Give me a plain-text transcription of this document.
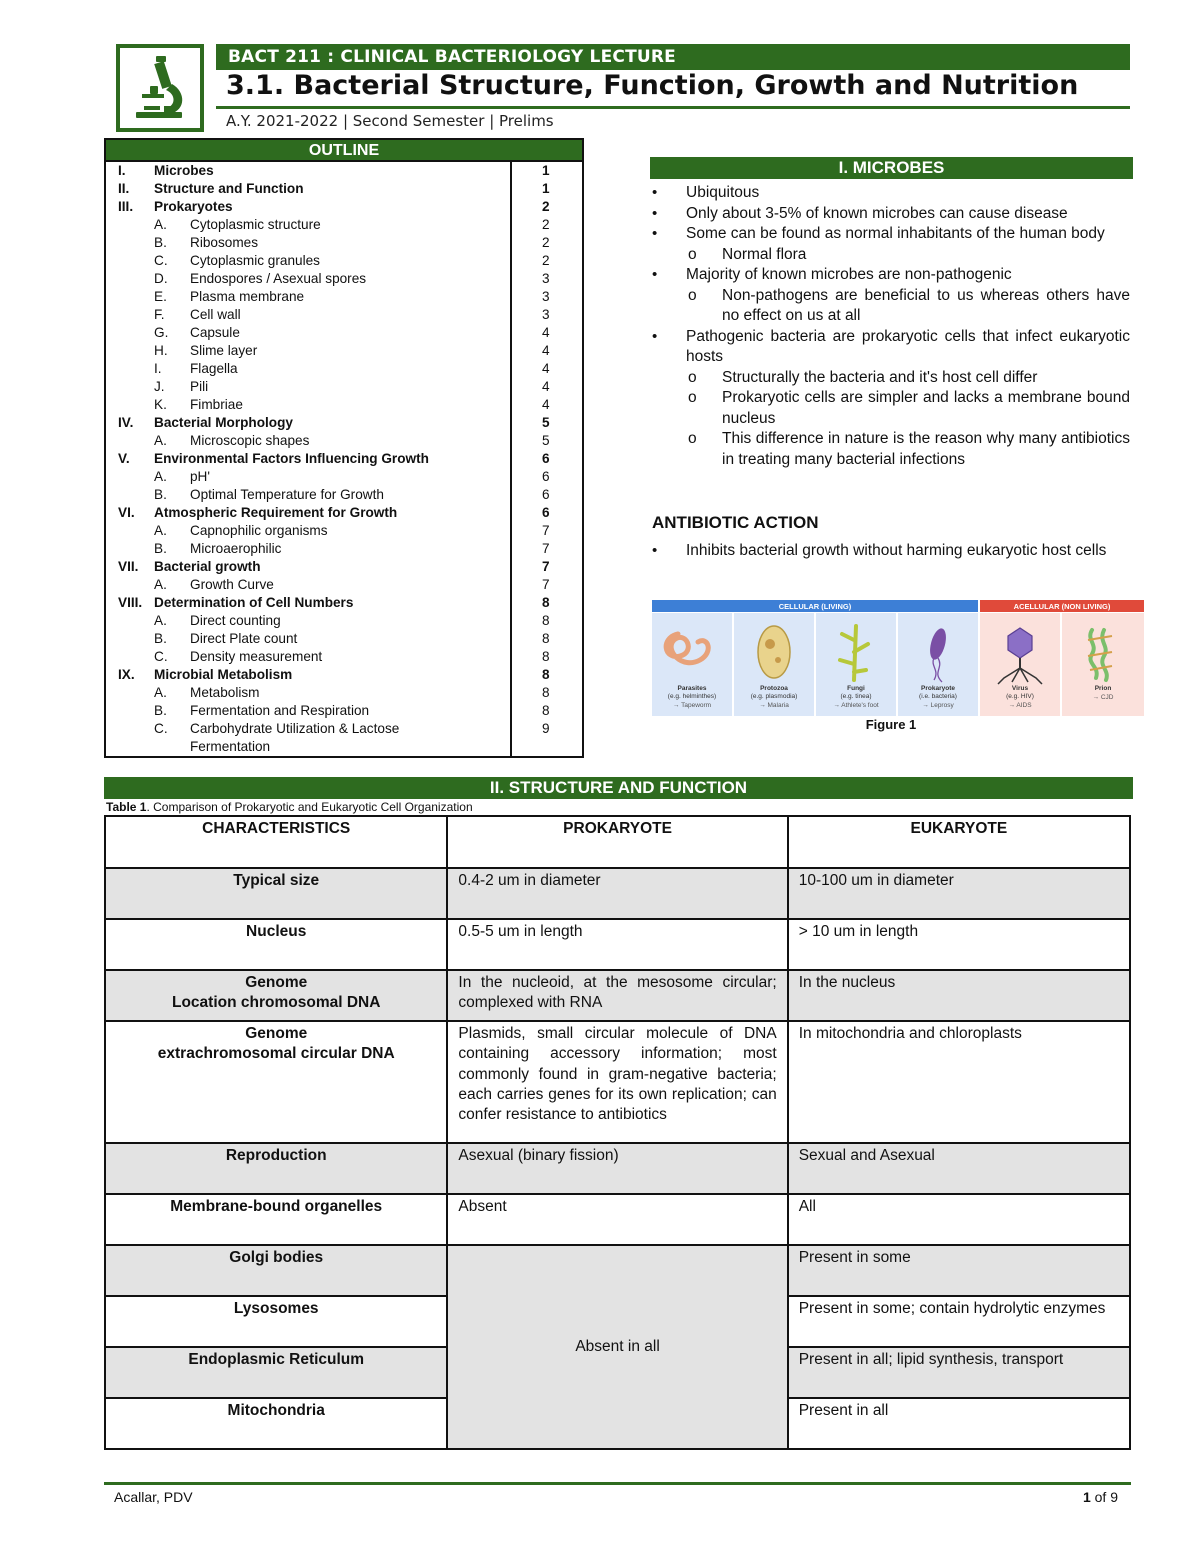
BACT 211 : CLINICAL BACTERIOLOGY LECTURE
3.1. Bacterial Structure, Function, Growth and Nutrition
A.Y. 2021-2022 | Second Semester | Prelims
OUTLINE
I. Microbes	1
II. Structure and Function	1
III. Prokaryotes	2
A. Cytoplasmic structure	2
B. Ribosomes	2
C. Cytoplasmic granules	2
D. Endospores / Asexual spores	3
E. Plasma membrane	3
F. Cell wall	3
G. Capsule	4
H. Slime layer	4
I. Flagella	4
J. Pili	4
K. Fimbriae	4
IV. Bacterial Morphology	5
A. Microscopic shapes	5
V. Environmental Factors Influencing Growth	6
A. pH'	6
B. Optimal Temperature for Growth	6
VI. Atmospheric Requirement for Growth	6
A. Capnophilic organisms	7
B. Microaerophilic	7
VII. Bacterial growth	7
A. Growth Curve	7
VIII. Determination of Cell Numbers	8
A. Direct counting	8
B. Direct Plate count	8
C. Density measurement	8
IX. Microbial Metabolism	8
A. Metabolism	8
B. Fermentation and Respiration	8
C. Carbohydrate Utilization & Lactose	9
Fermentation
I. MICROBES
• Ubiquitous
• Only about 3-5% of known microbes can cause disease
• Some can be found as normal inhabitants of the human body
o Normal flora
• Majority of known microbes are non-pathogenic
o Non-pathogens are beneficial to us whereas others have no effect on us at all
• Pathogenic bacteria are prokaryotic cells that infect eukaryotic hosts
o Structurally the bacteria and it's host cell differ
o Prokaryotic cells are simpler and lacks a membrane bound nucleus
o This difference in nature is the reason why many antibiotics in treating many bacterial infections
ANTIBIOTIC ACTION
• Inhibits bacterial growth without harming eukaryotic host cells
CELLULAR (LIVING)	ACELLULAR (NON LIVING)
Parasites
(e.g. helminthes)
→ Tapeworm
Protozoa
(e.g. plasmodia)
→ Malaria
Fungi
(e.g. tinea)
→ Athlete's foot
Prokaryote
(i.e. bacteria)
→ Leprosy
Virus
(e.g. HIV)
→ AIDS
Prion
→ CJD
Figure 1
II. STRUCTURE AND FUNCTION
Table 1. Comparison of Prokaryotic and Eukaryotic Cell Organization
CHARACTERISTICS	PROKARYOTE	EUKARYOTE
Typical size	0.4-2 um in diameter	10-100 um in diameter
Nucleus	0.5-5 um in length	> 10 um in length

Genome
Location chromosomal DNA	In the nucleoid, at the mesosome circular; complexed with RNA	In the nucleus

Genome
extrachromosomal circular DNA	Plasmids, small circular molecule of DNA containing accessory information; most commonly found in gram-negative bacteria; each carries genes for its own replication; can confer resistance to antibiotics	In mitochondria and chloroplasts
Reproduction	Asexual (binary fission)	Sexual and Asexual
Membrane-bound organelles	Absent	All
Golgi bodies	Absent in all	Present in some
Lysosomes		Present in some; contain hydrolytic enzymes
Endoplasmic Reticulum		Present in all; lipid synthesis, transport
Mitochondria		Present in all
Acallar, PDV	1 of 9
